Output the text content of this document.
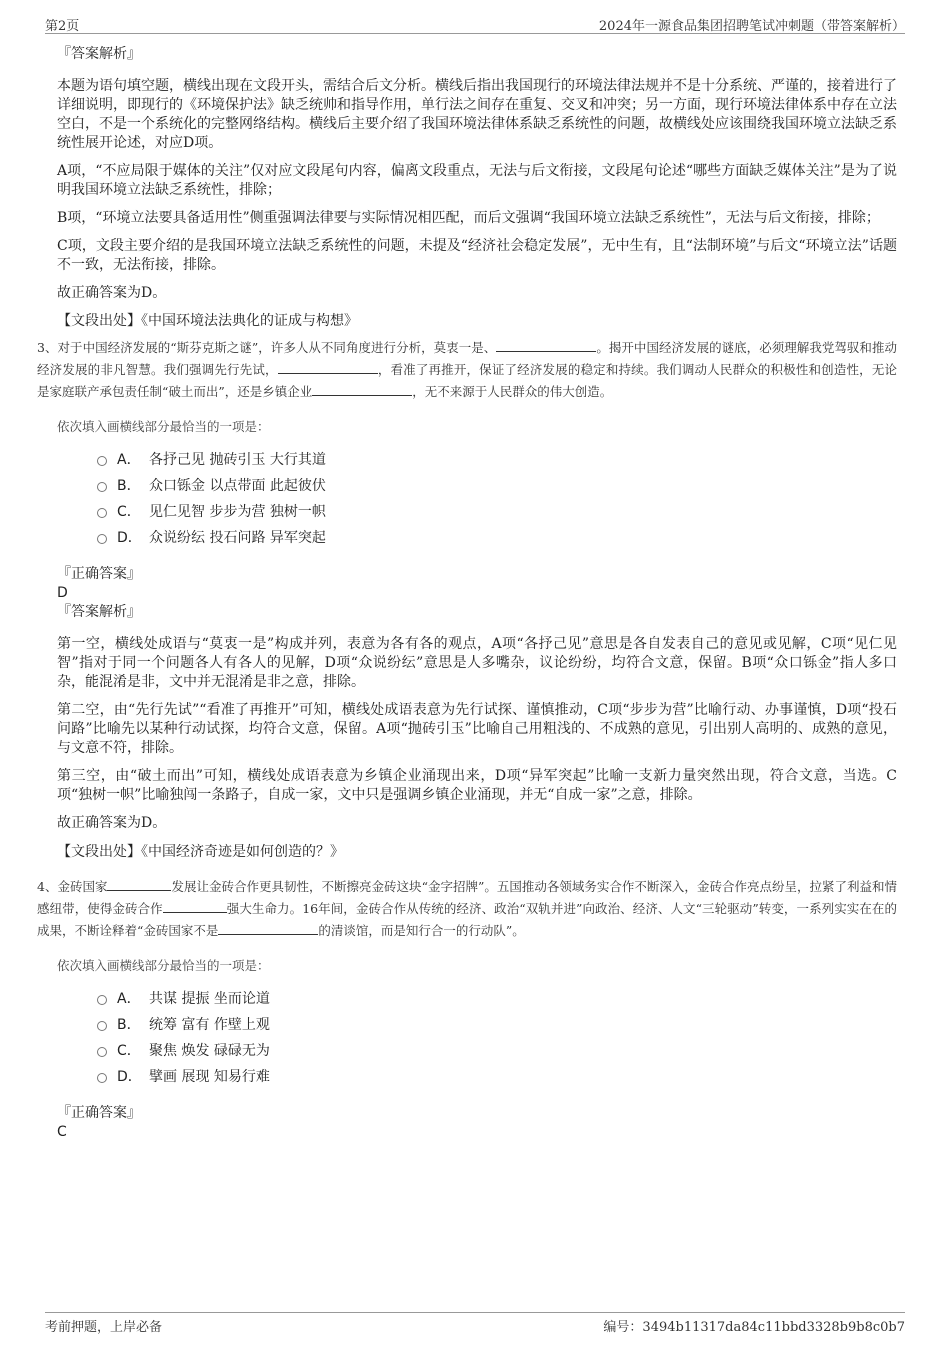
第2页	2024年一源食品集团招聘笔试冲刺题（带答案解析）

『答案解析』

本题为语句填空题，横线出现在文段开头，需结合后文分析。横线后指出我国现行的环境法律法规并不是十分系统、严谨的，接着进行了详细说明，即现行的《环境保护法》缺乏统帅和指导作用，单行法之间存在重复、交叉和冲突；另一方面，现行环境法律体系中存在立法空白，不是一个系统化的完整网络结构。横线后主要介绍了我国环境法律体系缺乏系统性的问题，故横线处应该围绕我国环境立法缺乏系统性展开论述，对应D项。

A项，“不应局限于媒体的关注”仅对应文段尾句内容，偏离文段重点，无法与后文衔接，文段尾句论述“哪些方面缺乏媒体关注”是为了说明我国环境立法缺乏系统性，排除；

B项，“环境立法要具备适用性”侧重强调法律要与实际情况相匹配，而后文强调“我国环境立法缺乏系统性”，无法与后文衔接，排除；

C项，文段主要介绍的是我国环境立法缺乏系统性的问题，未提及“经济社会稳定发展”，无中生有，且“法制环境”与后文“环境立法”话题不一致，无法衔接，排除。

故正确答案为D。

【文段出处】《中国环境法法典化的证成与构想》

3、对于中国经济发展的“斯芬克斯之谜”，许多人从不同角度进行分析，莫衷一是、	。揭开中国经济发展的谜底，必须理解我党驾驭和推动经济发展的非凡智慧。我们强调先行先试，	，看准了再推开，保证了经济发展的稳定和持续。我们调动人民群众的积极性和创造性，无论是家庭联产承包责任制“破土而出”，还是乡镇企业	，无不来源于人民群众的伟大创造。

依次填入画横线部分最恰当的一项是：

A． 各抒己见 抛砖引玉 大行其道
B． 众口铄金 以点带面 此起彼伏
C． 见仁见智 步步为营 独树一帜
D． 众说纷纭 投石问路 异军突起

『正确答案』

D

『答案解析』

第一空，横线处成语与“莫衷一是”构成并列，表意为各有各的观点，A项“各抒己见”意思是各自发表自己的意见或见解，C项“见仁见智”指对于同一个问题各人有各人的见解，D项“众说纷纭”意思是人多嘴杂，议论纷纷，均符合文意，保留。B项“众口铄金”指人多口杂，能混淆是非，文中并无混淆是非之意，排除。

第二空，由“先行先试”“看准了再推开”可知，横线处成语表意为先行试探、谨慎推动，C项“步步为营”比喻行动、办事谨慎，D项“投石问路”比喻先以某种行动试探，均符合文意，保留。A项“抛砖引玉”比喻自己用粗浅的、不成熟的意见，引出别人高明的、成熟的意见，与文意不符，排除。

第三空，由“破土而出”可知，横线处成语表意为乡镇企业涌现出来，D项“异军突起”比喻一支新力量突然出现，符合文意，当选。C项“独树一帜”比喻独闯一条路子，自成一家，文中只是强调乡镇企业涌现，并无“自成一家”之意，排除。

故正确答案为D。

【文段出处】《中国经济奇迹是如何创造的？》

4、金砖国家	发展让金砖合作更具韧性，不断擦亮金砖这块“金字招牌”。五国推动各领域务实合作不断深入，金砖合作亮点纷呈，拉紧了利益和情感纽带，使得金砖合作	强大生命力。16年间，金砖合作从传统的经济、政治“双轨并进”向政治、经济、人文“三轮驱动”转变，一系列实实在在的成果，不断诠释着“金砖国家不是	的清谈馆，而是知行合一的行动队”。

依次填入画横线部分最恰当的一项是：

A． 共谋 提振 坐而论道
B． 统筹 富有 作壁上观
C． 聚焦 焕发 碌碌无为
D． 擘画 展现 知易行难

『正确答案』

C

考前押题，上岸必备	编号：3494b11317da84c11bbd3328b9b8c0b7
